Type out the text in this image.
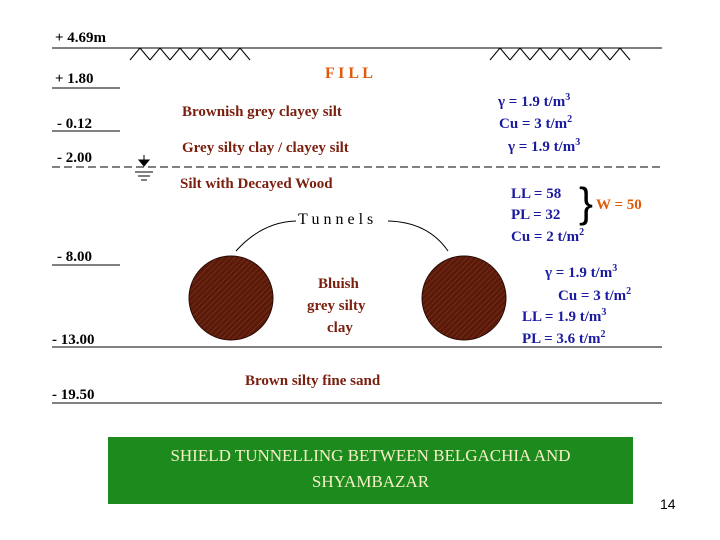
+ 4.69m
+ 1.80
- 0.12
- 2.00
- 8.00
- 13.00
- 19.50
F I L L
Brownish grey clayey silt
Grey silty clay / clayey silt
Silt with Decayed Wood
T u n n e l s
Bluish
grey silty
clay
Brown silty fine sand
γ = 1.9 $t/m^3$
Cu = 3 $t/m^2$
γ = 1.9 $t/m^3$
LL = 58
PL = 32
Cu = 2 $t/m^2$
} W = 50
γ = 1.9 $t/m^3$
Cu = 3 $t/m^2$
LL = 1.9 $t/m^3$
PL = 3.6 $t/m^2$
SHIELD TUNNELLING BETWEEN BELGACHIA AND
SHYAMBAZAR
14
